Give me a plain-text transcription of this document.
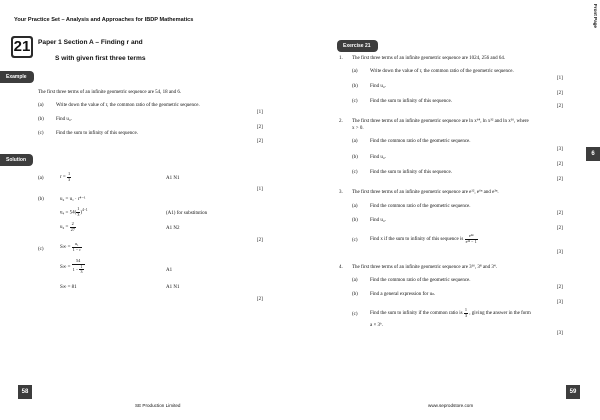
Your Practice Set – Analysis and Approaches for IBDP Mathematics	Front Page
21 Paper 1 Section A – Finding r and
S with given first three terms
Example
The first three terms of an infinite geometric sequence are 54, 18 and 6.
(a) Write down the value of r, the common ratio of the geometric sequence.
[1]
(b) Find u₄.
[2]
(c) Find the sum to infinity of this sequence.
[2]
Solution
(a)	$r = \frac{1}{3}$	A1 N1
[1]
(b)	u₄ = u₁ · r⁴⁻¹
$u_4 = 54( \frac{1}{3} )^{4-1}$
(A1) for substitution
$u_4 = \frac{2}{27}$	A1 N2
[2]
(c)	$S\infty = \frac{\text{u₁}}{1 - r}$
$S\infty = \frac{54}{1 - \frac{1}{3}}$	A1
S∞ = 81	A1 N1
[2]
Exercise 21
1. The first three terms of an infinite geometric sequence are 1024, 256 and 64.
(a) Write down the value of r, the common ratio of the geometric sequence.
[1]
(b) Find u₄.
[2]
(c) Find the sum to infinity of this sequence.
[2]
2. The first three terms of an infinite geometric sequence are ln x⁶⁴, ln x³² and ln x¹⁶, where
x > 0.
(a) Find the common ratio of the geometric sequence.
[3]
(b) Find u₄.
[2]
(c) Find the sum to infinity of this sequence.
[2]
3. The first three terms of an infinite geometric sequence are e¹², e⁶ⁿ and e³ⁿ.
(a) Find the common ratio of the geometric sequence.
[2]
(b) Find u₄.
[2]
(c) Find x if the sum to infinity of this sequence is $\frac{\text{e²⁴}}{\text{e¹² − 1}}$
[3]
4. The first three terms of an infinite geometric sequence are 3¹⁶, 3⁸ and 3⁴.
(a) Find the common ratio of the geometric sequence.
[2]
(b) Find a general expression for uₙ.
[3]
(c) Find the sum to infinity if the common ratio is $\frac{1}{3}$ , giving the answer in the form
a × 3ᵇ.
[3]
6
58
SE Production Limited	www.seprodstore.com
59
